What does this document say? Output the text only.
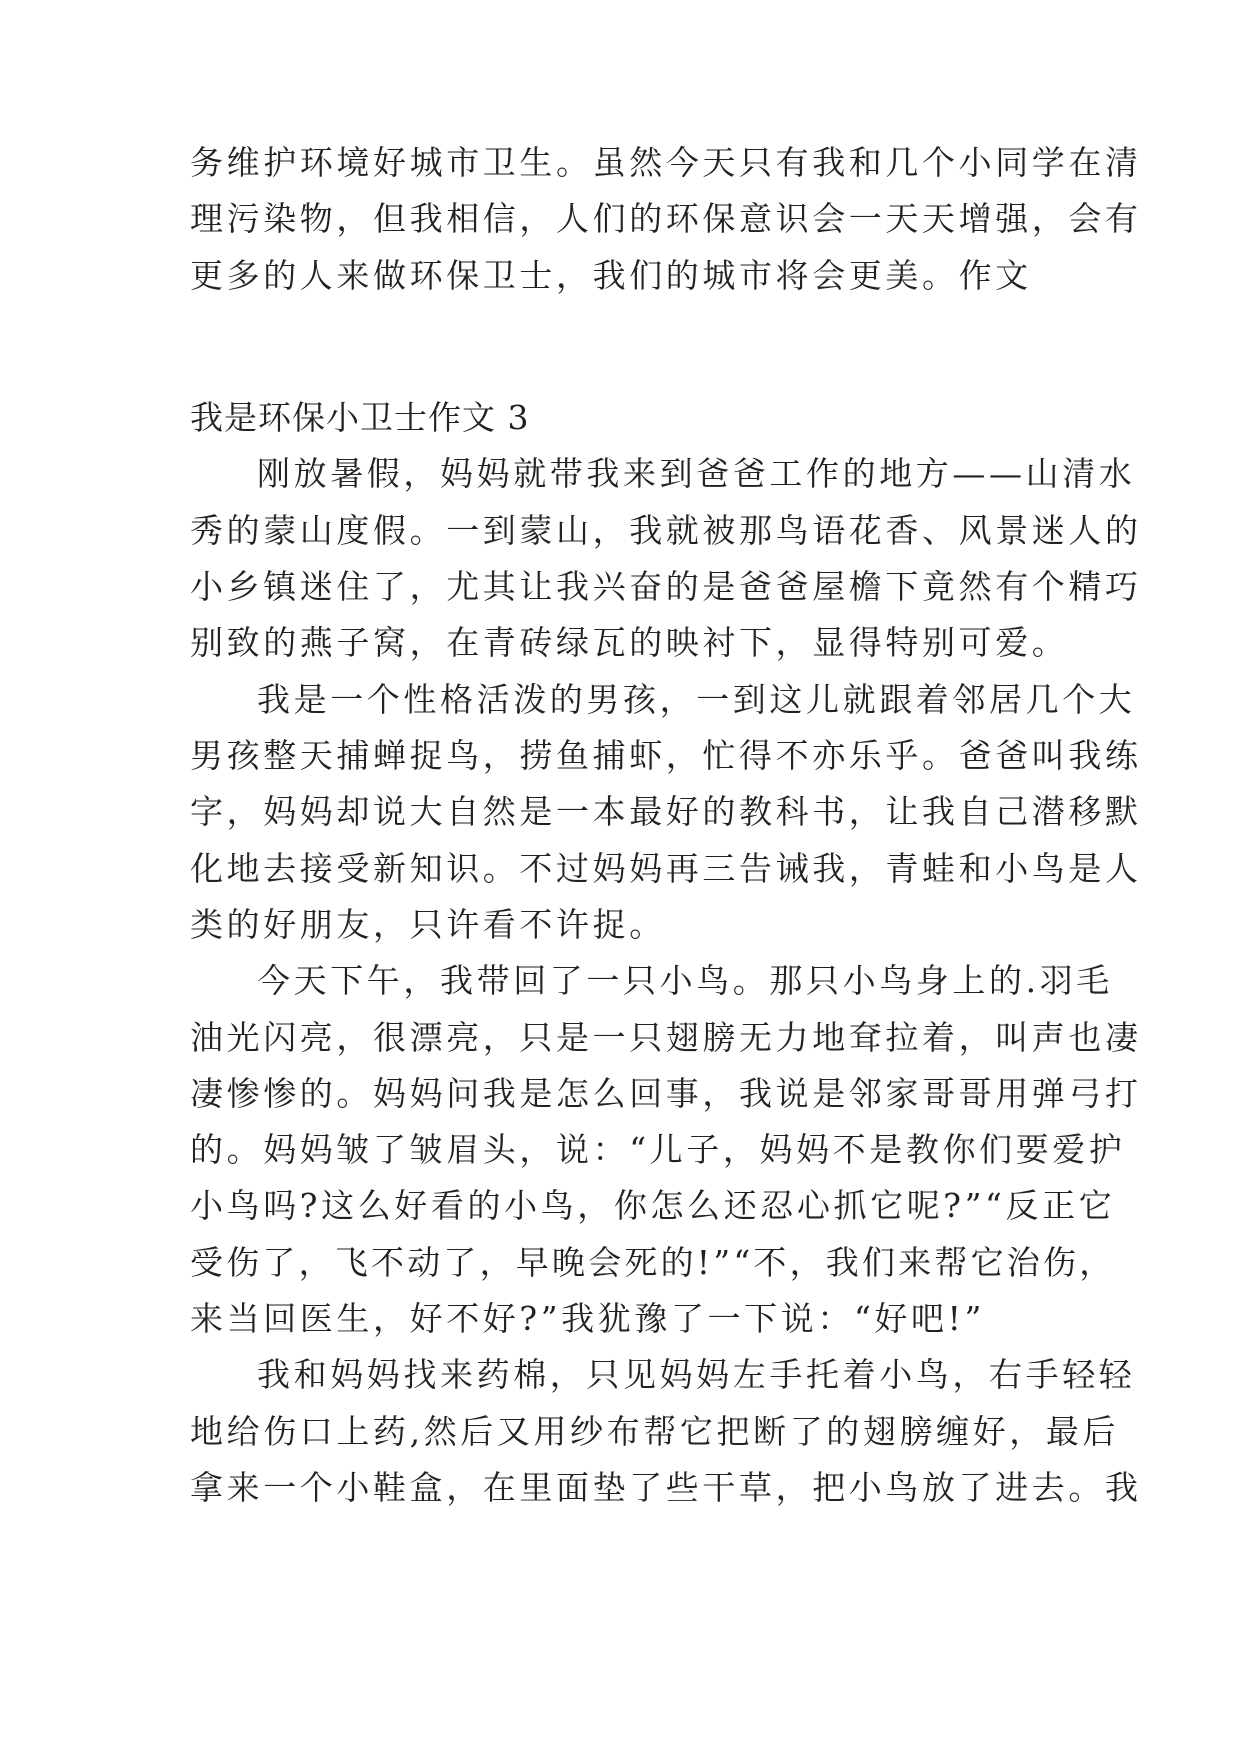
务维护环境好城市卫生。虽然今天只有我和几个小同学在清
理污染物，但我相信，人们的环保意识会一天天增强，会有
更多的人来做环保卫士，我们的城市将会更美。作文
我是环保小卫士作文 3
刚放暑假，妈妈就带我来到爸爸工作的地方——山清水
秀的蒙山度假。一到蒙山，我就被那鸟语花香、风景迷人的
小乡镇迷住了，尤其让我兴奋的是爸爸屋檐下竟然有个精巧
别致的燕子窝，在青砖绿瓦的映衬下，显得特别可爱。
我是一个性格活泼的男孩，一到这儿就跟着邻居几个大
男孩整天捕蝉捉鸟，捞鱼捕虾，忙得不亦乐乎。爸爸叫我练
字，妈妈却说大自然是一本最好的教科书，让我自己潜移默
化地去接受新知识。不过妈妈再三告诫我，青蛙和小鸟是人
类的好朋友，只许看不许捉。
今天下午，我带回了一只小鸟。那只小鸟身上的.羽毛
油光闪亮，很漂亮，只是一只翅膀无力地耷拉着，叫声也凄
凄惨惨的。妈妈问我是怎么回事，我说是邻家哥哥用弹弓打
的。妈妈皱了皱眉头，说：“儿子，妈妈不是教你们要爱护
小鸟吗?这么好看的小鸟，你怎么还忍心抓它呢?”“反正它
受伤了，飞不动了，早晚会死的!”“不，我们来帮它治伤，
来当回医生，好不好?”我犹豫了一下说：“好吧!”
我和妈妈找来药棉，只见妈妈左手托着小鸟，右手轻轻
地给伤口上药,然后又用纱布帮它把断了的翅膀缠好，最后
拿来一个小鞋盒，在里面垫了些干草，把小鸟放了进去。我
